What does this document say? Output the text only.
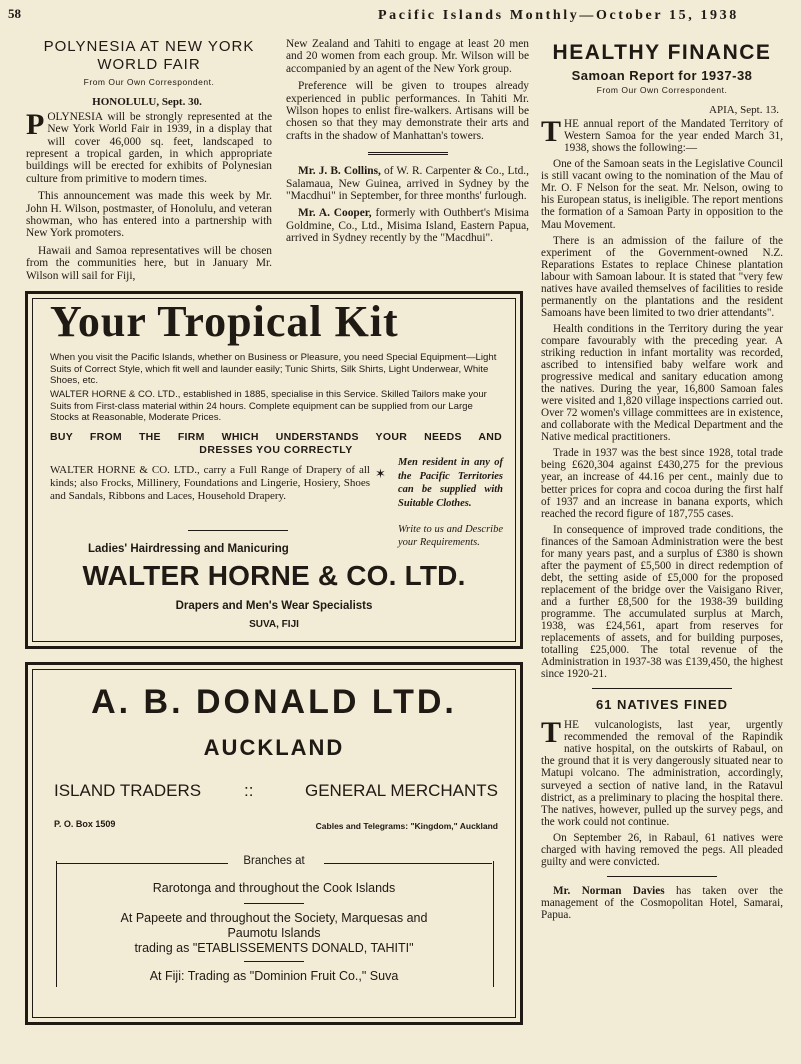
58	Pacific Islands Monthly—October 15, 1938
POLYNESIA AT NEW YORK
WORLD FAIR
From Our Own Correspondent.
HONOLULU, Sept. 30.

POLYNESIA will be strongly represented at the New York World Fair in 1939, in a display that will cover 46,000 sq. feet, landscaped to represent a tropical garden, in which appropriate buildings will be erected for exhibits of Polynesian culture from primitive to modern times.

This announcement was made this week by Mr. John H. Wilson, postmaster, of Honolulu, and veteran showman, who has entered into a partnership with New York promoters.

Hawaii and Samoa representatives will be chosen from the communities here, but in January Mr. Wilson will sail for Fiji,

New Zealand and Tahiti to engage at least 20 men and 20 women from each group. Mr. Wilson will be accompanied by an agent of the New York group.

Preference will be given to troupes already experienced in public performances. In Tahiti Mr. Wilson hopes to enlist fire-walkers. Artisans will be chosen so that they may demonstrate their arts and crafts in the shadow of Manhattan's towers.

Mr. J. B. Collins, of W. R. Carpenter & Co., Ltd., Salamaua, New Guinea, arrived in Sydney by the "Macdhui" in September, for three months' furlough.

Mr. A. Cooper, formerly with Outhbert's Misima Goldmine, Co., Ltd., Misima Island, Eastern Papua, arrived in Sydney recently by the "Macdhui".

HEALTHY FINANCE
Samoan Report for 1937-38
From Our Own Correspondent.
APIA, Sept. 13.

THE annual report of the Mandated Territory of Western Samoa for the year ended March 31, 1938, shows the following:—

One of the Samoan seats in the Legislative Council is still vacant owing to the nomination of the Mau of Mr. O. F Nelson for the seat. Mr. Nelson, owing to his European status, is ineligible. The report mentions the formation of a Samoan Party in opposition to the Mau Movement.

There is an admission of the failure of the experiment of the Government-owned N.Z. Reparations Estates to replace Chinese plantation labour with Samoan labour. It is stated that "very few natives have availed themselves of facilities to reside permanently on the plantations and the resident Samoans have been limited to two drier attendants".

Health conditions in the Territory during the year compare favourably with the preceding year. A striking reduction in infant mortality was recorded, ascribed to intensified baby welfare work and progressive medical and sanitary education among the natives. During the year, 16,800 Samoan fales were visited and 1,820 village inspections carried out. Over 72 women's village committees are in existence, and collaborate with the Medical Department and the Native medical practitioners.

Trade in 1937 was the best since 1928, total trade being £620,304 against £430,275 for the previous year, an increase of 44.16 per cent., mainly due to better prices for copra and cocoa during the first half of 1937 and an increase in banana exports, which reached the record figure of 187,755 cases.

In consequence of improved trade conditions, the finances of the Samoan Administration were the best for many years past, and a surplus of £380 is shown after the payment of £5,500 in direct redemption of debt, the setting aside of £5,000 for the proposed replacement of the bridge over the Vaisigano River, and a further £8,500 for the 1938-39 building programme. The accumulated surplus at March, 1938, was £24,561, apart from reserves for replacements of assets, and for building purposes, totalling £25,000. The total revenue of the Administration in 1937-38 was £139,450, the highest since 1920-21.

61 NATIVES FINED

THE vulcanologists, last year, urgently recommended the removal of the Rapindik native hospital, on the outskirts of Rabaul, on the ground that it is very dangerously situated near to Matupi volcano. The administration, accordingly, surveyed a section of native land, in the Ratavul district, as a preliminary to placing the hospital there. The natives, however, pulled up the survey pegs, and the work could not continue.

On September 26, in Rabaul, 61 natives were charged with having removed the pegs. All pleaded guilty and were convicted.

Mr. Norman Davies has taken over the management of the Cosmopolitan Hotel, Samarai, Papua.

Your Tropical Kit
When you visit the Pacific Islands, whether on Business or Pleasure, you need Special Equipment—Light Suits of Correct Style, which fit well and launder easily; Tunic Shirts, Silk Shirts, Light Underwear, White Shoes, etc.
WALTER HORNE & CO. LTD., established in 1885, specialise in this Service. Skilled Tailors make your Suits from First-class material within 24 hours. Complete equipment can be supplied from our Large Stocks at Reasonable, Moderate Prices.
BUY FROM THE FIRM WHICH UNDERSTANDS YOUR NEEDS AND
DRESSES YOU CORRECTLY
WALTER HORNE & CO. LTD., carry a Full Range of Drapery of all kinds; also Frocks, Millinery, Foundations and Lingerie, Hosiery, Shoes and Sandals, Ribbons and Laces, Household Drapery.
✶
Men resident in any of the Pacific Territories can be supplied with Suitable Clothes.
Write to us and Describe your Requirements.
Ladies' Hairdressing and Manicuring
WALTER HORNE & CO. LTD.
Drapers and Men's Wear Specialists
SUVA, FIJI
A. B. DONALD LTD.
AUCKLAND
ISLAND TRADERS	::	GENERAL MERCHANTS
P. O. Box 1509	Cables and Telegrams: "Kingdom," Auckland
Branches at
Rarotonga and throughout the Cook Islands
At Papeete and throughout the Society, Marquesas and
Paumotu Islands
trading as "ETABLISSEMENTS DONALD, TAHITI"
At Fiji: Trading as "Dominion Fruit Co.," Suva
